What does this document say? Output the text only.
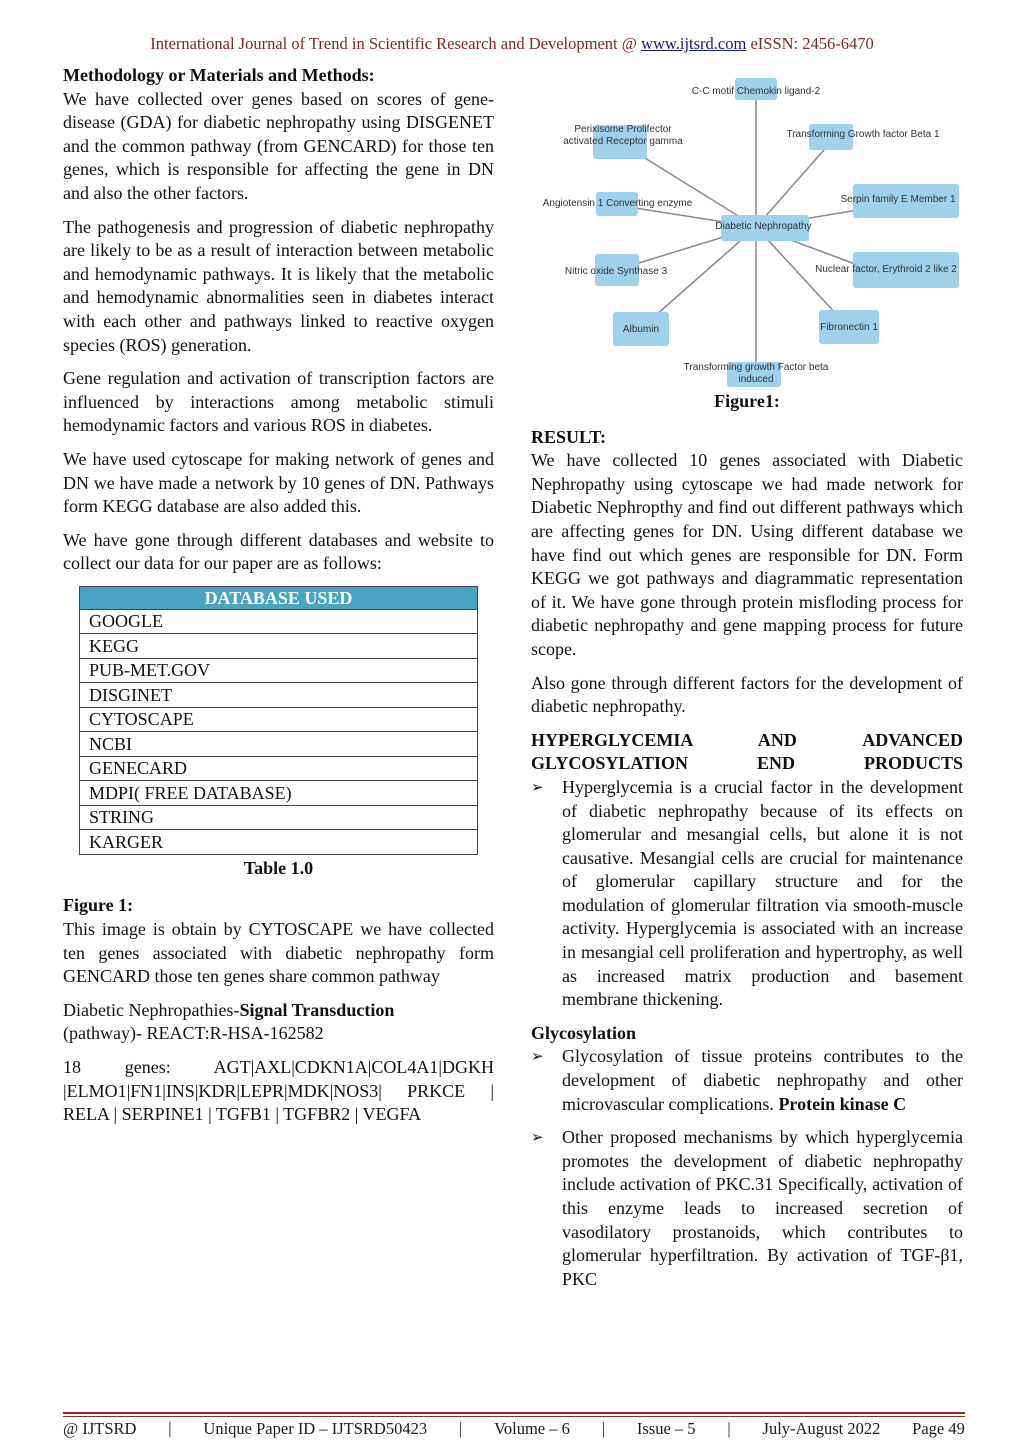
International Journal of Trend in Scientific Research and Development @ www.ijtsrd.com eISSN: 2456-6470

Methodology or Materials and Methods:

We have collected over genes based on scores of gene-disease (GDA) for diabetic nephropathy using DISGENET and the common pathway (from GENCARD) for those ten genes, which is responsible for affecting the gene in DN and also the other factors.

The pathogenesis and progression of diabetic nephropathy are likely to be as a result of interaction between metabolic and hemodynamic pathways. It is likely that the metabolic and hemodynamic abnormalities seen in diabetes interact with each other and pathways linked to reactive oxygen species (ROS) generation.

Gene regulation and activation of transcription factors are influenced by interactions among metabolic stimuli hemodynamic factors and various ROS in diabetes.

We have used cytoscape for making network of genes and DN we have made a network by 10 genes of DN. Pathways form KEGG database are also added this.

We have gone through different databases and website to collect our data for our paper are as follows:

DATABASE USED
GOOGLE
KEGG
PUB-MET.GOV
DISGINET
CYTOSCAPE
NCBI
GENECARD
MDPI( FREE DATABASE)
STRING
KARGER
Table 1.0

Figure 1:

This image is obtain by CYTOSCAPE we have collected ten genes associated with diabetic nephropathy form GENCARD those ten genes share common pathway

Diabetic Nephropathies-Signal Transduction
(pathway)- REACT:R-HSA-162582

18 genes: AGT|AXL|CDKN1A|COL4A1|DGKH |ELMO1|FN1|INS|KDR|LEPR|MDK|NOS3| PRKCE | RELA | SERPINE1 | TGFB1 | TGFBR2 | VEGFA

Diabetic Nephropathy
C-C motif Chemokin ligand-2
Perixisome Prolifector activated Receptor gamma
Transforming Growth factor Beta 1
Angiotensin 1 Converting enzyme	Serpin family E Member 1
Nitric oxide Synthase 3	Nuclear factor, Erythroid 2 like 2
Albumin	Fibronectin 1
Transforming growth Factor beta induced
Figure1:

RESULT:

We have collected 10 genes associated with Diabetic Nephropathy using cytoscape we had made network for Diabetic Nephropthy and find out different pathways which are affecting genes for DN. Using different database we have find out which genes are responsible for DN. Form KEGG we got pathways and diagrammatic representation of it. We have gone through protein misfloding process for diabetic nephropathy and gene mapping process for future scope.

Also gone through different factors for the development of diabetic nephropathy.

HYPERGLYCEMIA AND ADVANCED GLYCOSYLATION END PRODUCTS

➢ Hyperglycemia is a crucial factor in the development of diabetic nephropathy because of its effects on glomerular and mesangial cells, but alone it is not causative. Mesangial cells are crucial for maintenance of glomerular capillary structure and for the modulation of glomerular filtration via smooth-muscle activity. Hyperglycemia is associated with an increase in mesangial cell proliferation and hypertrophy, as well as increased matrix production and basement membrane thickening.

Glycosylation

➢ Glycosylation of tissue proteins contributes to the development of diabetic nephropathy and other microvascular complications. Protein kinase C
➢ Other proposed mechanisms by which hyperglycemia promotes the development of diabetic nephropathy include activation of PKC.31 Specifically, activation of this enzyme leads to increased secretion of vasodilatory prostanoids, which contributes to glomerular hyperfiltration. By activation of TGF-β1, PKC
@ IJTSRD | Unique Paper ID – IJTSRD50423 | Volume – 6 | Issue – 5 | July-August 2022 Page 49
